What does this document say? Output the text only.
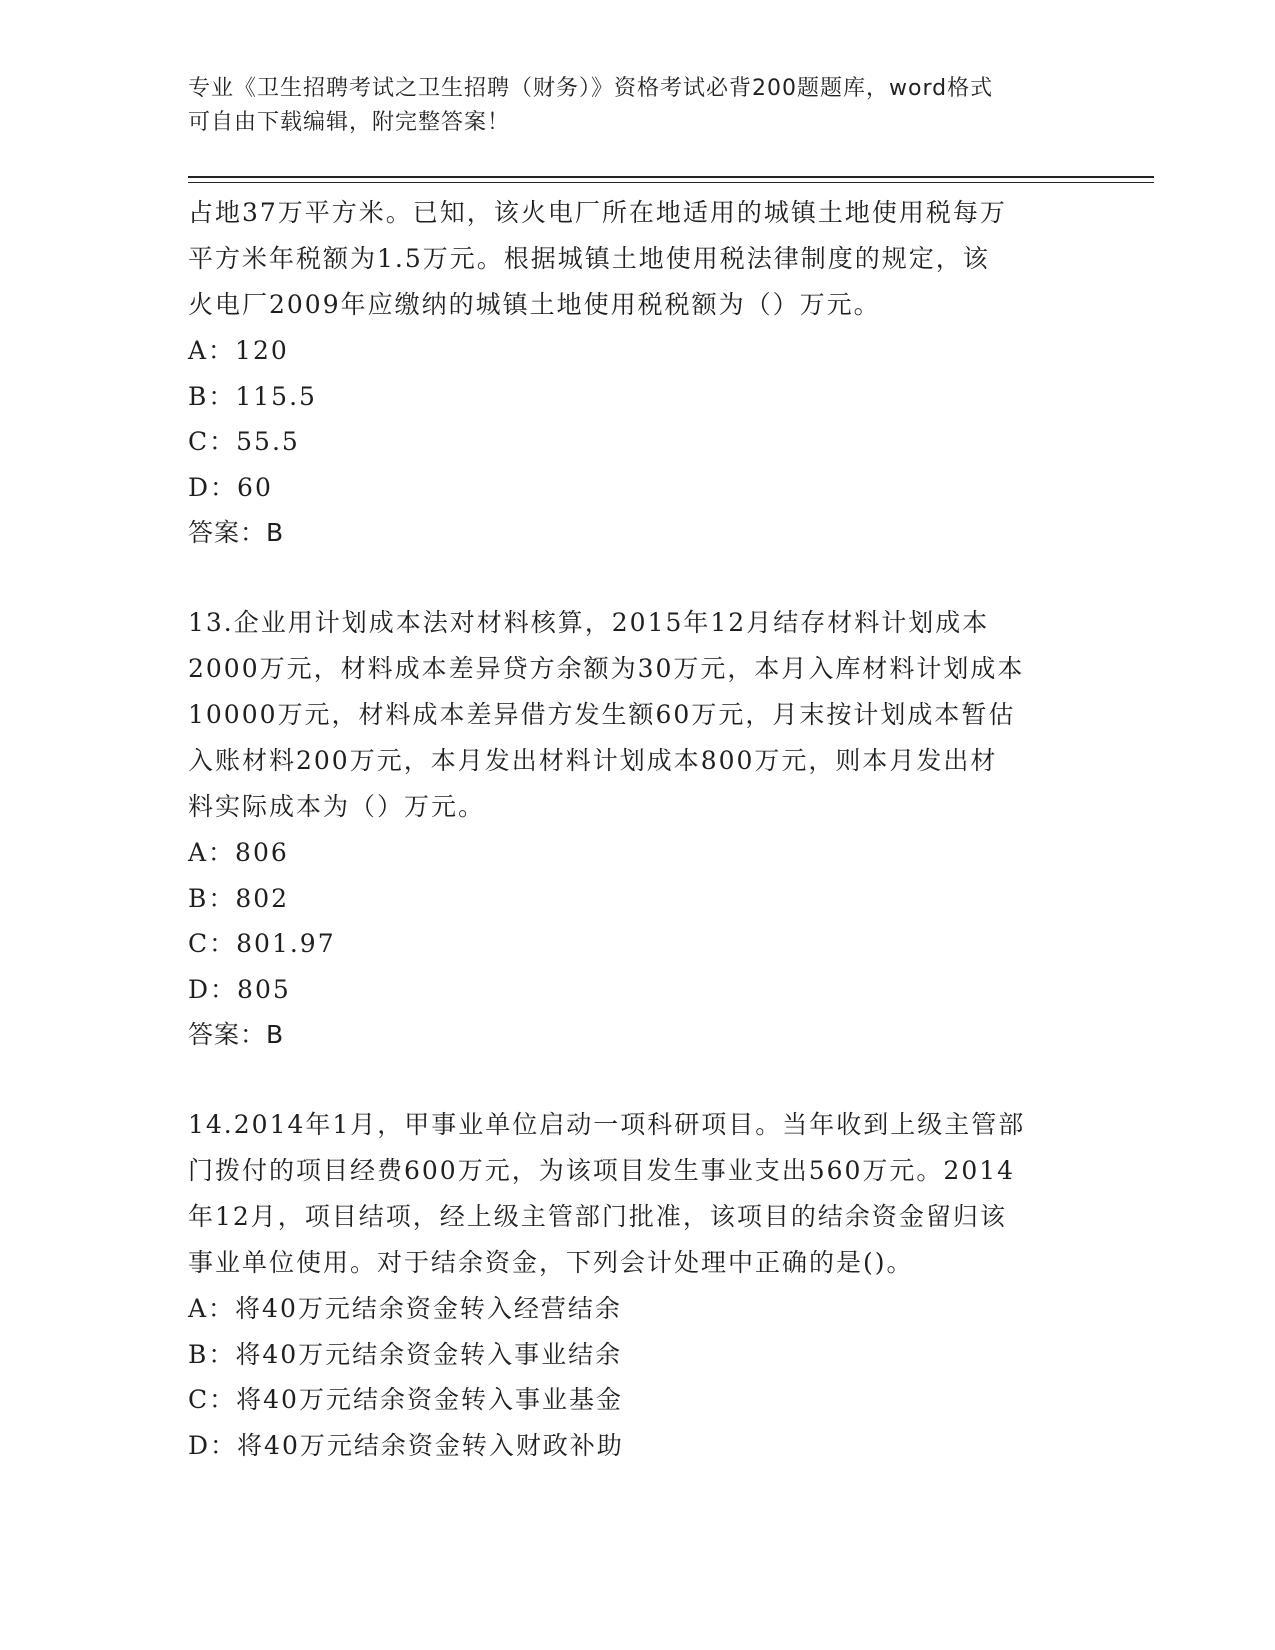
专业《卫生招聘考试之卫生招聘（财务）》资格考试必背200题题库，word格式
可自由下载编辑，附完整答案！
占地37万平方米。已知，该火电厂所在地适用的城镇土地使用税每万
平方米年税额为1.5万元。根据城镇土地使用税法律制度的规定，该
火电厂2009年应缴纳的城镇土地使用税税额为（）万元。
A：120
B：115.5
C：55.5
D：60
答案：B
13.企业用计划成本法对材料核算，2015年12月结存材料计划成本
2000万元，材料成本差异贷方余额为30万元，本月入库材料计划成本
10000万元，材料成本差异借方发生额60万元，月末按计划成本暂估
入账材料200万元，本月发出材料计划成本800万元，则本月发出材
料实际成本为（）万元。
A：806
B：802
C：801.97
D：805
答案：B
14.2014年1月，甲事业单位启动一项科研项目。当年收到上级主管部
门拨付的项目经费600万元，为该项目发生事业支出560万元。2014
年12月，项目结项，经上级主管部门批准，该项目的结余资金留归该
事业单位使用。对于结余资金，下列会计处理中正确的是()。
A：将40万元结余资金转入经营结余
B：将40万元结余资金转入事业结余
C：将40万元结余资金转入事业基金
D：将40万元结余资金转入财政补助
